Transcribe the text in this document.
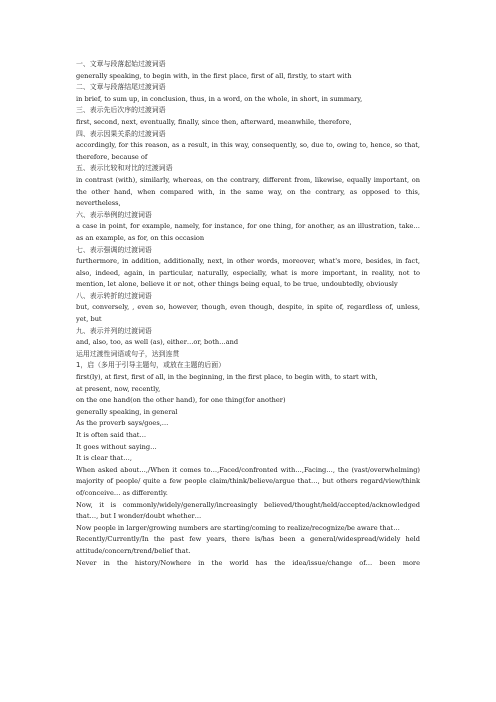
一、文章与段落起始过渡词语

generally speaking, to begin with, in the first place, first of all, firstly, to start with

二、文章与段落结尾过渡词语

in brief, to sum up, in conclusion, thus, in a word, on the whole, in short, in summary,

三、表示先后次序的过渡词语

first, second, next, eventually, finally, since then, afterward, meanwhile, therefore,

四、表示因果关系的过渡词语

accordingly, for this reason, as a result, in this way, consequently, so, due to, owing to, hence, so that, therefore, because of

五、表示比较和对比的过渡词语

in contrast (with), similarly, whereas, on the contrary, different from, likewise, equally important, on the other hand, when compared with, in the same way, on the contrary, as opposed to this, nevertheless,

六、表示举例的过渡词语

a case in point, for example, namely, for instance, for one thing, for another, as an illustration, take…as an example, as for, on this occasion

七、表示强调的过渡词语

furthermore, in addition, additionally, next, in other words, moreover, what's more, besides, in fact, also, indeed, again, in particular, naturally, especially, what is more important, in reality, not to mention, let alone, believe it or not, other things being equal, to be true, undoubtedly, obviously

八、表示转折的过渡词语

but, conversely, , even so, however, though, even though, despite, in spite of, regardless of, unless, yet, but

九、表示并列的过渡词语

and, also, too, as well (as), either…or, both…and

运用过渡性词语或句子，达到连贯

1，启（多用于引导主题句，或放在主题的后面）

first(ly), at first, first of all, in the beginning, in the first place, to begin with, to start with,

at present, now, recently,

on the one hand(on the other hand), for one thing(for another)

generally speaking, in general

As the proverb says/goes,…

It is often said that…

It goes without saying…

It is clear that…,

When asked about…,/When it comes to…,Faced/confronted with…,Facing…, the (vast/overwhelming) majority of people/ quite a few people claim/think/believe/argue that…, but others regard/view/think of/conceive… as differently.

Now, it is commonly/widely/generally/increasingly believed/thought/held/accepted/acknowledged that…, but I wonder/doubt whether…

Now people in larger/growing numbers are starting/coming to realize/recognize/be aware that…

Recently/Currently/In the past few years, there is/has been a general/widespread/widely held attitude/concern/trend/belief that.

Never in the history/Nowhere in the world has the idea/issue/change of… been more
